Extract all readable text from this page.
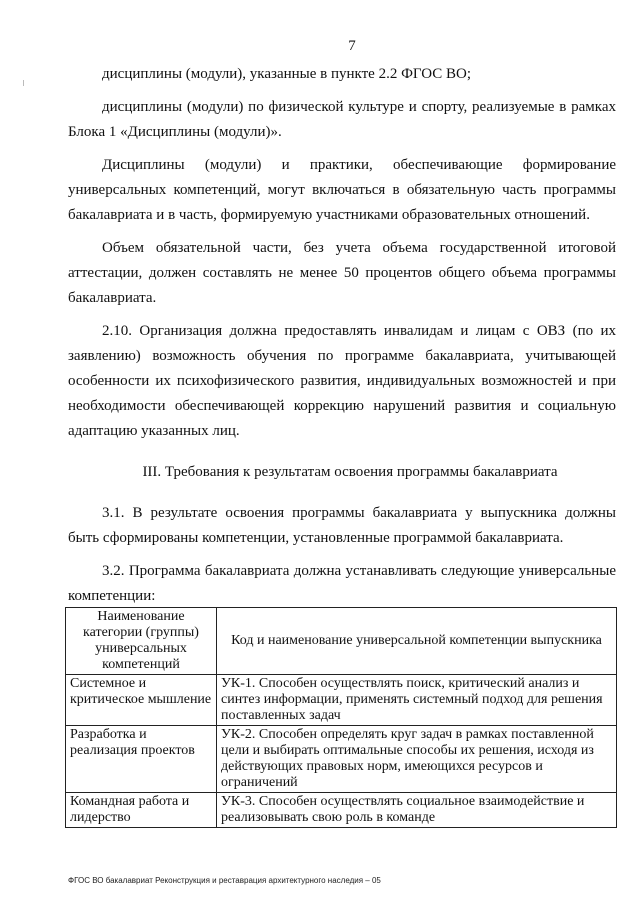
7

дисциплины (модули), указанные в пункте 2.2 ФГОС ВО;

дисциплины (модули) по физической культуре и спорту, реализуемые в рамках Блока 1 «Дисциплины (модули)».

Дисциплины (модули) и практики, обеспечивающие формирование универсальных компетенций, могут включаться в обязательную часть программы бакалавриата и в часть, формируемую участниками образовательных отношений.

Объем обязательной части, без учета объема государственной итоговой аттестации, должен составлять не менее 50 процентов общего объема программы бакалавриата.

2.10. Организация должна предоставлять инвалидам и лицам с ОВЗ (по их заявлению) возможность обучения по программе бакалавриата, учитывающей особенности их психофизического развития, индивидуальных возможностей и при необходимости обеспечивающей коррекцию нарушений развития и социальную адаптацию указанных лиц.

III. Требования к результатам освоения программы бакалавриата

3.1. В результате освоения программы бакалавриата у выпускника должны быть сформированы компетенции, установленные программой бакалавриата.

3.2. Программа бакалавриата должна устанавливать следующие универсальные компетенции:

Наименование категории (группы) универсальных компетенций	Код и наименование универсальной компетенции выпускника
Системное и критическое мышление	УК-1. Способен осуществлять поиск, критический анализ и синтез информации, применять системный подход для решения поставленных задач
Разработка и реализация проектов	УК-2. Способен определять круг задач в рамках поставленной цели и выбирать оптимальные способы их решения, исходя из действующих правовых норм, имеющихся ресурсов и ограничений
Командная работа и лидерство	УК-3. Способен осуществлять социальное взаимодействие и реализовывать свою роль в команде
ФГОС ВО бакалавриат Реконструкция и реставрация архитектурного наследия – 05
